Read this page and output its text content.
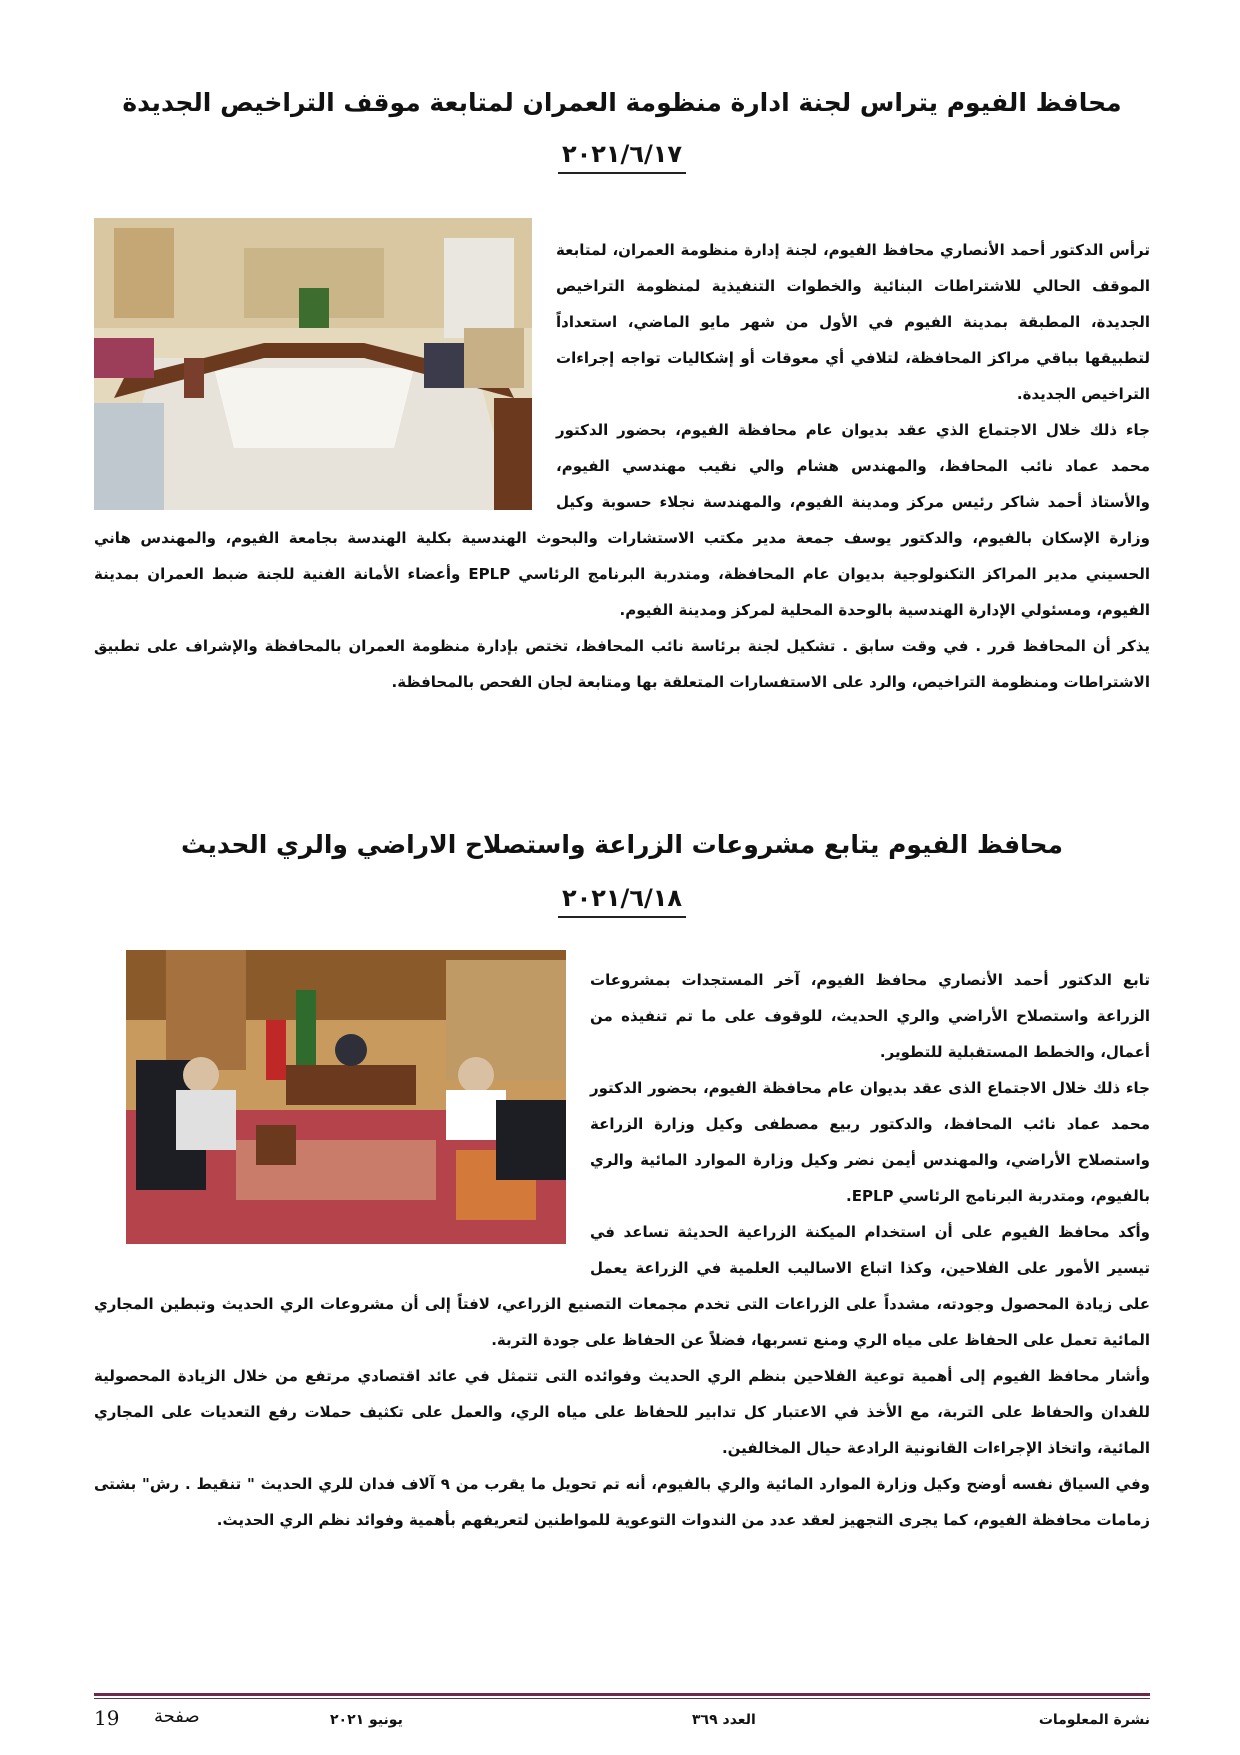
محافظ الفيوم يتراس لجنة ادارة منظومة العمران لمتابعة موقف التراخيص الجديدة
٢٠٢١/٦/١٧

ترأس الدكتور أحمد الأنصاري محافظ الفيوم، لجنة إدارة منظومة العمران، لمتابعة الموقف الحالي للاشتراطات البنائية والخطوات التنفيذية لمنظومة التراخيص الجديدة، المطبقة بمدينة الفيوم في الأول من شهر مايو الماضي، استعداداً لتطبيقها بباقي مراكز المحافظة، لتلافي أي معوقات أو إشكاليات تواجه إجراءات التراخيص الجديدة.

جاء ذلك خلال الاجتماع الذي عقد بديوان عام محافظة الفيوم، بحضور الدكتور محمد عماد نائب المحافظ، والمهندس هشام والي نقيب مهندسي الفيوم، والأستاذ أحمد شاكر رئيس مركز ومدينة الفيوم، والمهندسة نجلاء حسوبة وكيل وزارة الإسكان بالفيوم، والدكتور يوسف جمعة مدير مكتب الاستشارات والبحوث الهندسية بكلية الهندسة بجامعة الفيوم، والمهندس هاني الحسيني مدير المراكز التكنولوجية بديوان عام المحافظة، ومتدربة البرنامج الرئاسي EPLP وأعضاء الأمانة الفنية للجنة ضبط العمران بمدينة الفيوم، ومسئولي الإدارة الهندسية بالوحدة المحلية لمركز ومدينة الفيوم.

يذكر أن المحافظ قرر . في وقت سابق . تشكيل لجنة برئاسة نائب المحافظ، تختص بإدارة منظومة العمران بالمحافظة والإشراف على تطبيق الاشتراطات ومنظومة التراخيص، والرد على الاستفسارات المتعلقة بها ومتابعة لجان الفحص بالمحافظة.

محافظ الفيوم يتابع مشروعات الزراعة واستصلاح الاراضي والري الحديث
٢٠٢١/٦/١٨

تابع الدكتور أحمد الأنصاري محافظ الفيوم، آخر المستجدات بمشروعات الزراعة واستصلاح الأراضي والري الحديث، للوقوف على ما تم تنفيذه من أعمال، والخطط المستقبلية للتطوير.

جاء ذلك خلال الاجتماع الذى عقد بديوان عام محافظة الفيوم، بحضور الدكتور محمد عماد نائب المحافظ، والدكتور ربيع مصطفى وكيل وزارة الزراعة واستصلاح الأراضي، والمهندس أيمن نضر وكيل وزارة الموارد المائية والري بالفيوم، ومتدربة البرنامج الرئاسي EPLP.

وأكد محافظ الفيوم على أن استخدام الميكنة الزراعية الحديثة تساعد في تيسير الأمور على الفلاحين، وكذا اتباع الاساليب العلمية في الزراعة يعمل على زيادة المحصول وجودته، مشدداً على الزراعات التى تخدم مجمعات التصنيع الزراعي، لافتاً إلى أن مشروعات الري الحديث وتبطين المجاري المائية تعمل على الحفاظ على مياه الري ومنع تسربها، فضلاً عن الحفاظ على جودة التربة.

وأشار محافظ الفيوم إلى أهمية توعية الفلاحين بنظم الري الحديث وفوائده التى تتمثل في عائد اقتصادي مرتفع من خلال الزيادة المحصولية للفدان والحفاظ على التربة، مع الأخذ في الاعتبار كل تدابير للحفاظ على مياه الري، والعمل على تكثيف حملات رفع التعديات على المجاري المائية، واتخاذ الإجراءات القانونية الرادعة حيال المخالفين.

وفي السياق نفسه أوضح وكيل وزارة الموارد المائية والري بالفيوم، أنه تم تحويل ما يقرب من ٩ آلاف فدان للري الحديث " تنقيط . رش" بشتى زمامات محافظة الفيوم، كما يجرى التجهيز لعقد عدد من الندوات التوعوية للمواطنين لتعريفهم بأهمية وفوائد نظم الري الحديث.

19 صفحة	يونيو ٢٠٢١	العدد ٣٦٩	نشرة المعلومات
